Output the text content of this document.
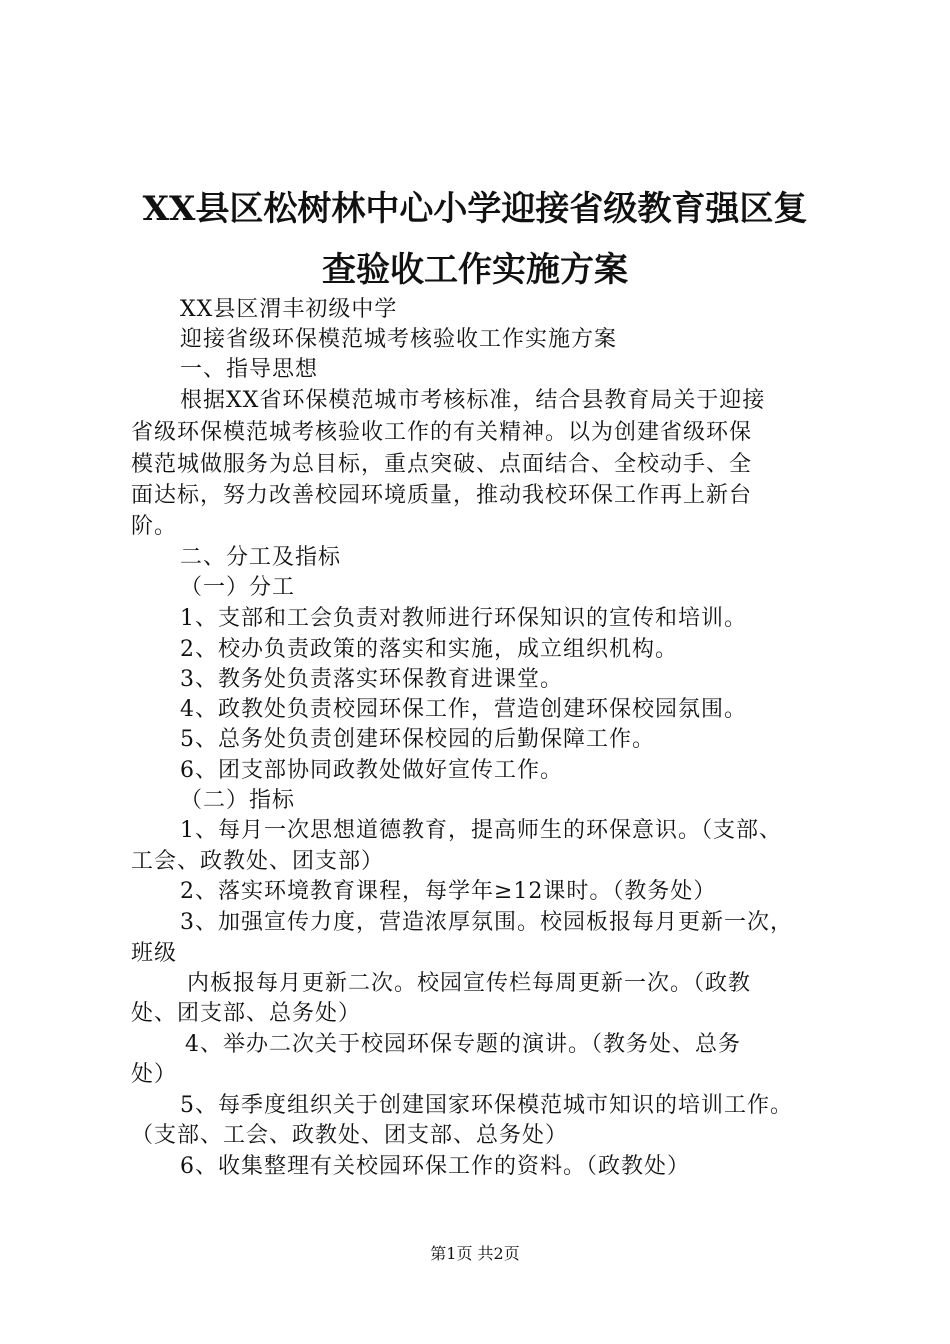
XX县区松树林中心小学迎接省级教育强区复
查验收工作实施方案
XX县区渭丰初级中学
迎接省级环保模范城考核验收工作实施方案
一、指导思想
根据XX省环保模范城市考核标准，结合县教育局关于迎接
省级环保模范城考核验收工作的有关精神。以为创建省级环保
模范城做服务为总目标，重点突破、点面结合、全校动手、全
面达标，努力改善校园环境质量，推动我校环保工作再上新台
阶。
二、分工及指标
（一）分工
1、支部和工会负责对教师进行环保知识的宣传和培训。
2、校办负责政策的落实和实施，成立组织机构。
3、教务处负责落实环保教育进课堂。
4、政教处负责校园环保工作，营造创建环保校园氛围。
5、总务处负责创建环保校园的后勤保障工作。
6、团支部协同政教处做好宣传工作。
（二）指标
1、每月一次思想道德教育，提高师生的环保意识。（支部、
工会、政教处、团支部）
2、落实环境教育课程，每学年≥12课时。（教务处）
3、加强宣传力度，营造浓厚氛围。校园板报每月更新一次，
班级
内板报每月更新二次。校园宣传栏每周更新一次。（政教
处、团支部、总务处）
4、举办二次关于校园环保专题的演讲。（教务处、总务
处）
5、每季度组织关于创建国家环保模范城市知识的培训工作。
（支部、工会、政教处、团支部、总务处）
6、收集整理有关校园环保工作的资料。（政教处）
第1页 共2页
